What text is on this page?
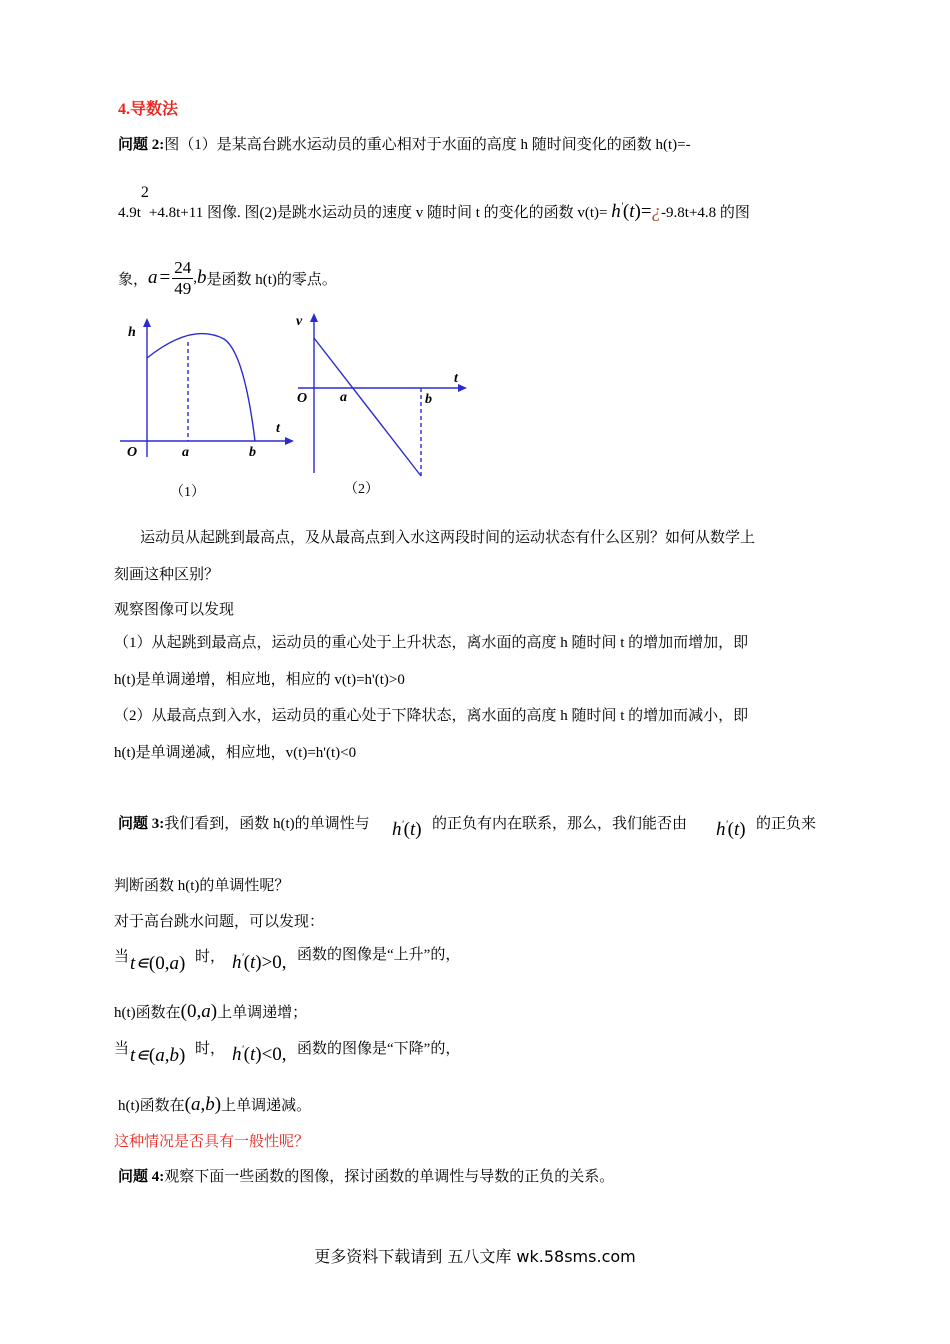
4.导数法
问题 2:图（1）是某高台跳水运动员的重心相对于水面的高度 h 随时间变化的函数 h(t)=-
$4.9t^2+4.8t+11$ 图像. 图(2)是跳水运动员的速度 v 随时间 t 的变化的函数 v(t)= h'(t)=¿-9.8t+4.8 的图
象， $a = \frac{24}{49}$ , b 是函数 h(t)的零点。
h
t
O	a	b
（1）
v
t
O a	b
（2）
运动员从起跳到最高点，及从最高点到入水这两段时间的运动状态有什么区别？如何从数学上
刻画这种区别？
观察图像可以发现
（1）从起跳到最高点，运动员的重心处于上升状态，离水面的高度 h 随时间 t 的增加而增加，即
h(t)是单调递增，相应地，相应的 v(t)=h'(t)>0
（2）从最高点到入水，运动员的重心处于下降状态，离水面的高度 h 随时间 t 的增加而减小，即
h(t)是单调递减，相应地，v(t)=h'(t)<0
问题 3:我们看到，函数 h(t)的单调性与 h'(t) 的正负有内在联系，那么，我们能否由 h'(t) 的正负来
判断函数 h(t)的单调性呢？
对于高台跳水问题，可以发现：
当 t∊(0,a) 时， h'(t)>0, 函数的图像是“上升”的，
h(t)函数在(0,a)上单调递增；
当 t∊(a,b) 时， h'(t)<0, 函数的图像是“下降”的，
h(t)函数在(a,b)上单调递减。
这种情况是否具有一般性呢？
问题 4:观察下面一些函数的图像，探讨函数的单调性与导数的正负的关系。
更多资料下载请到 五八文库 wk.58sms.com
